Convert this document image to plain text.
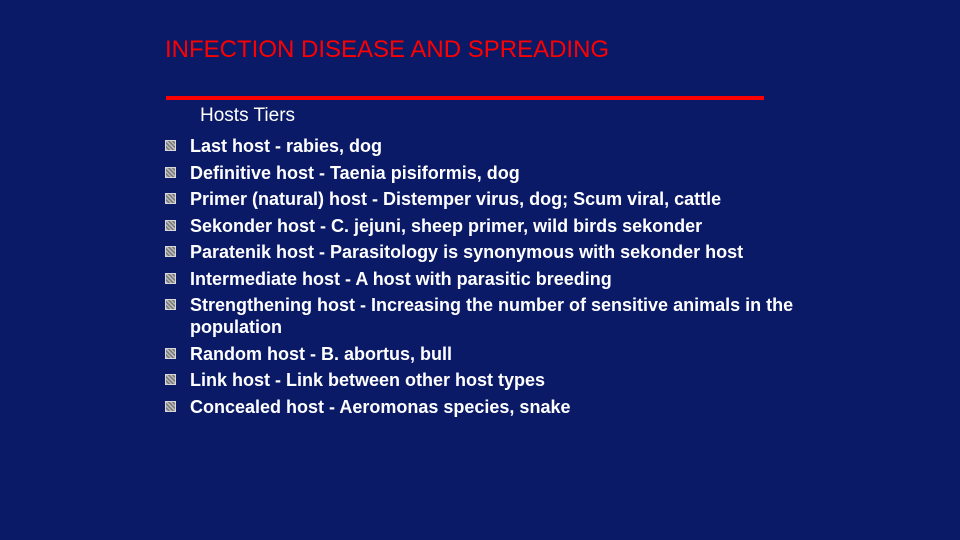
INFECTION DISEASE AND SPREADING
Hosts Tiers
Last host - rabies, dog
Definitive host - Taenia pisiformis, dog
Primer (natural) host - Distemper virus, dog; Scum viral, cattle
Sekonder host - C. jejuni, sheep primer, wild birds sekonder
Paratenik host - Parasitology is synonymous with sekonder host
Intermediate host - A host with parasitic breeding
Strengthening host - Increasing the number of sensitive animals in the population
Random host - B. abortus, bull
Link host - Link between other host types
Concealed host - Aeromonas species, snake
